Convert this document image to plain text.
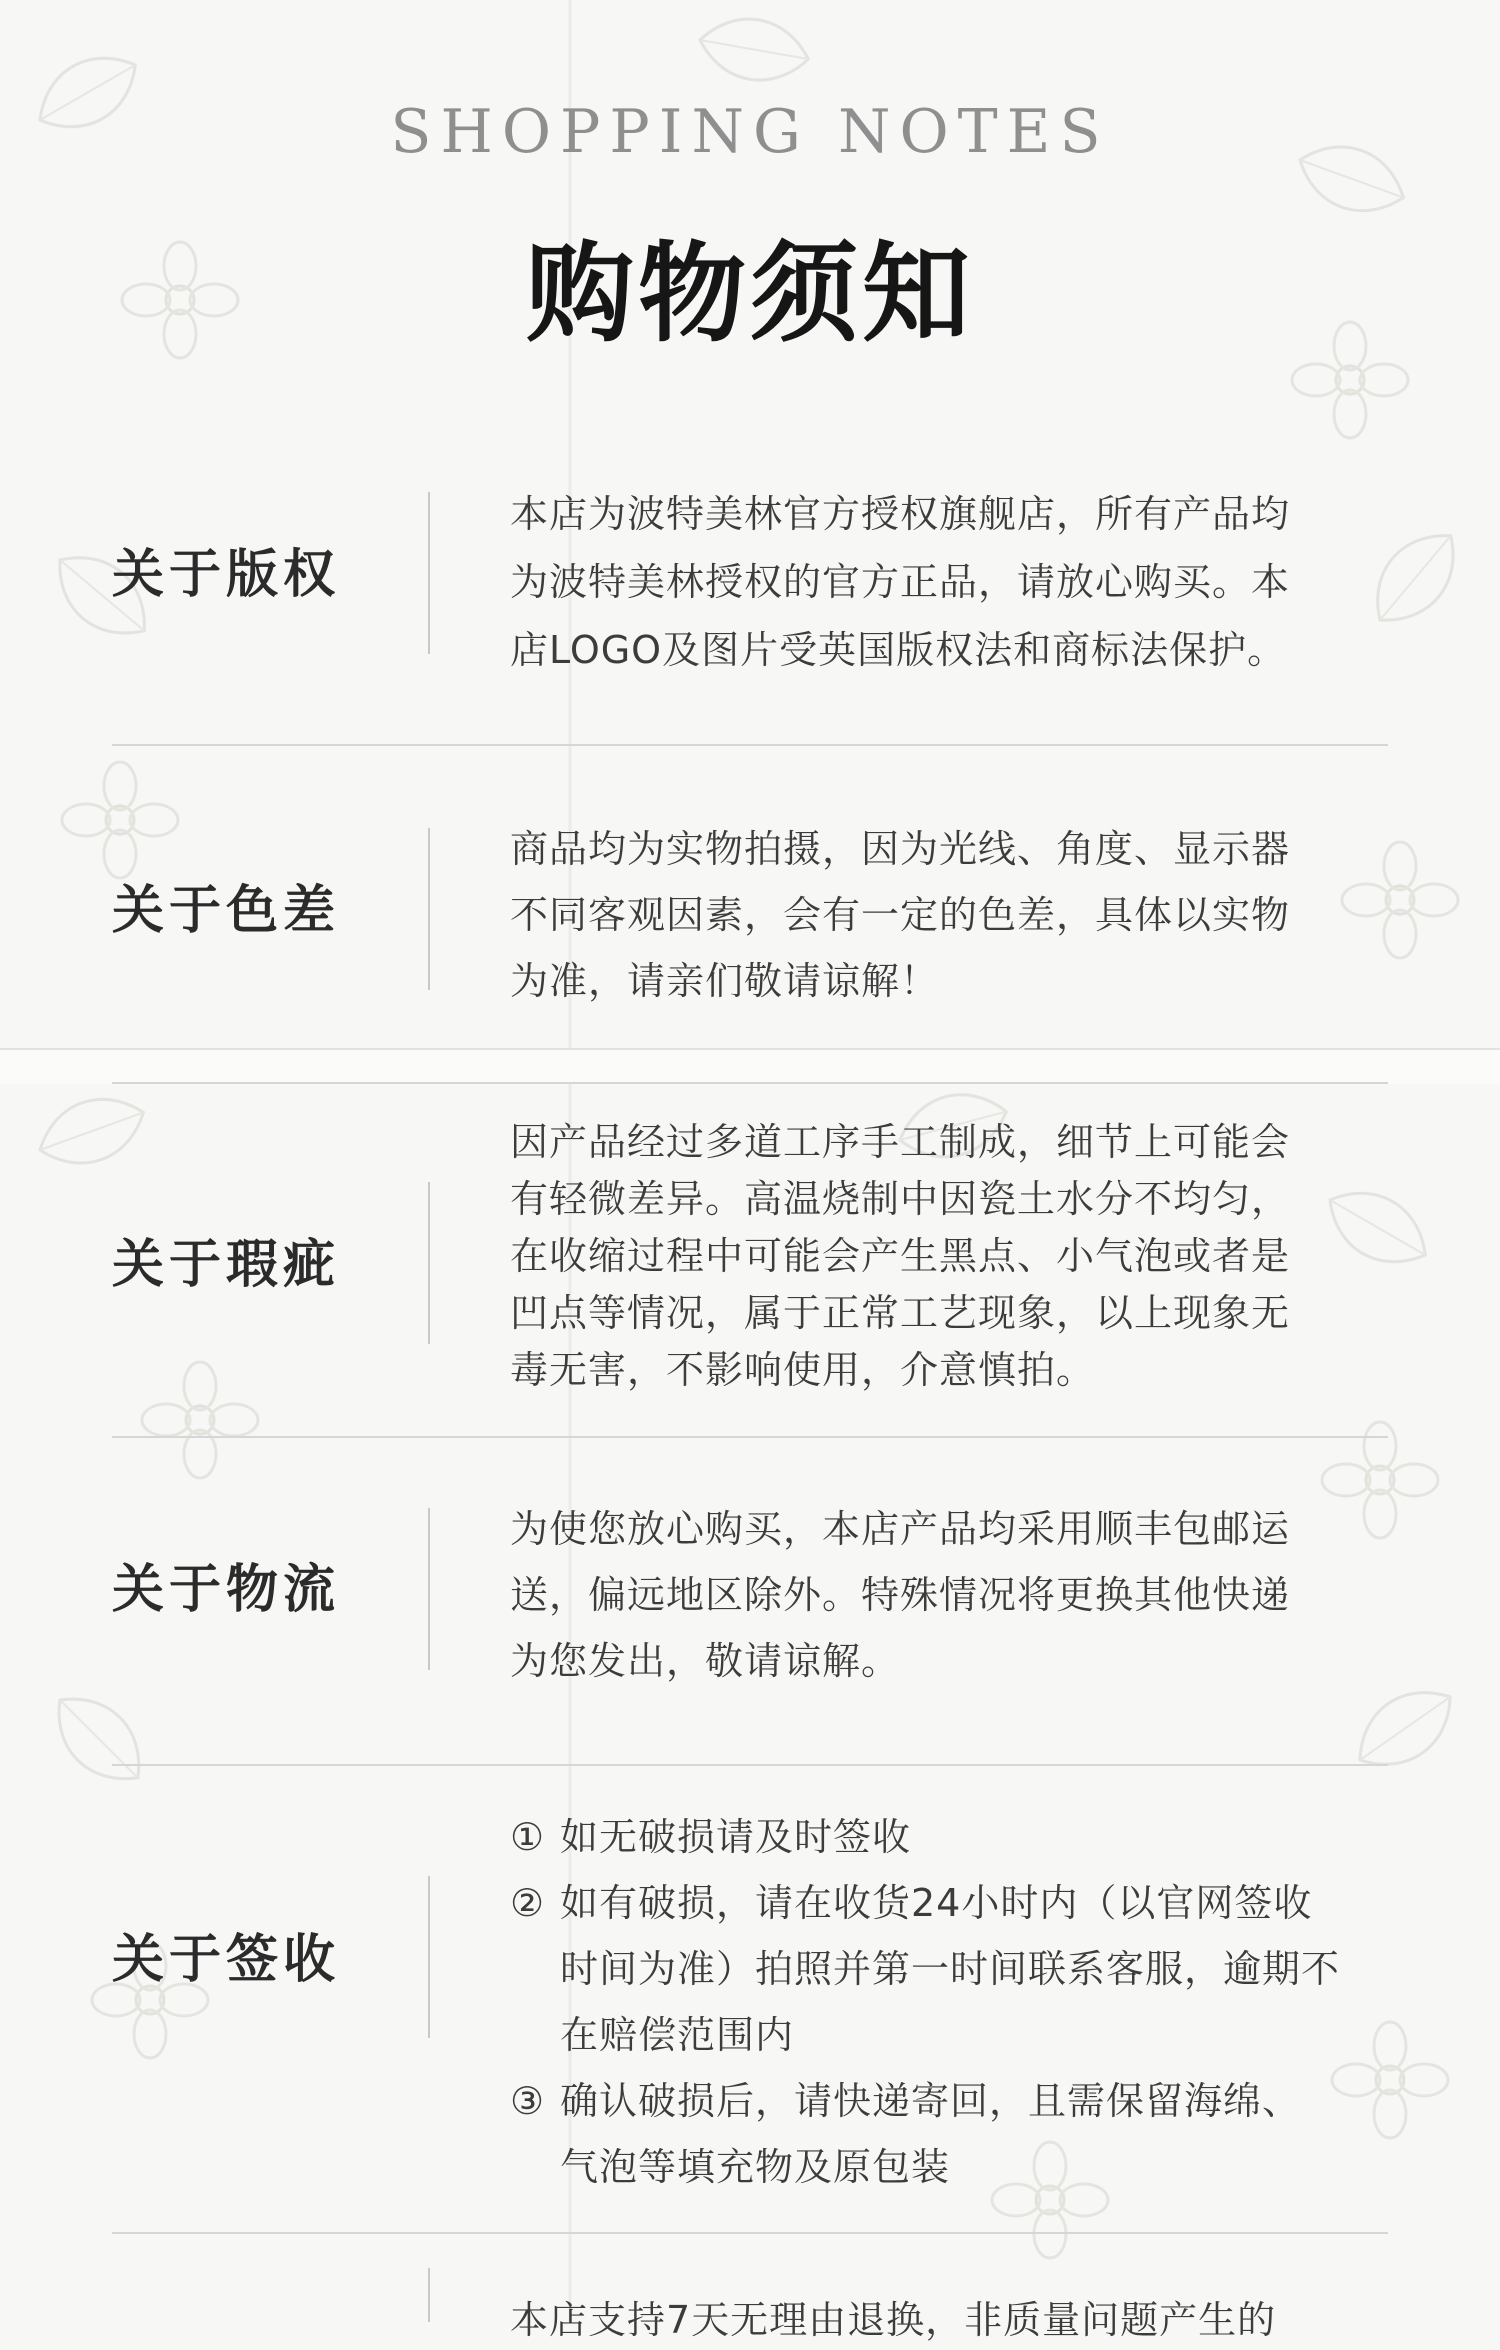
SHOPPING NOTES
购物须知
关于版权

本店为波特美林官方授权旗舰店，所有产品均

为波特美林授权的官方正品，请放心购买。本

店LOGO及图片受英国版权法和商标法保护。

关于色差

商品均为实物拍摄，因为光线、角度、显示器

不同客观因素，会有一定的色差，具体以实物

为准，请亲们敬请谅解！

关于瑕疵

因产品经过多道工序手工制成，细节上可能会

有轻微差异。高温烧制中因瓷土水分不均匀，

在收缩过程中可能会产生黑点、小气泡或者是

凹点等情况，属于正常工艺现象，以上现象无

毒无害，不影响使用，介意慎拍。

关于物流

为使您放心购买，本店产品均采用顺丰包邮运

送，偏远地区除外。特殊情况将更换其他快递

为您发出，敬请谅解。

关于签收
① 如无破损请及时签收

② 如有破损，请在收货24小时内（以官网签收

时间为准）拍照并第一时间联系客服，逾期不

在赔偿范围内

③ 确认破损后，请快递寄回，且需保留海绵、

气泡等填充物及原包装

本店支持7天无理由退换，非质量问题产生的
